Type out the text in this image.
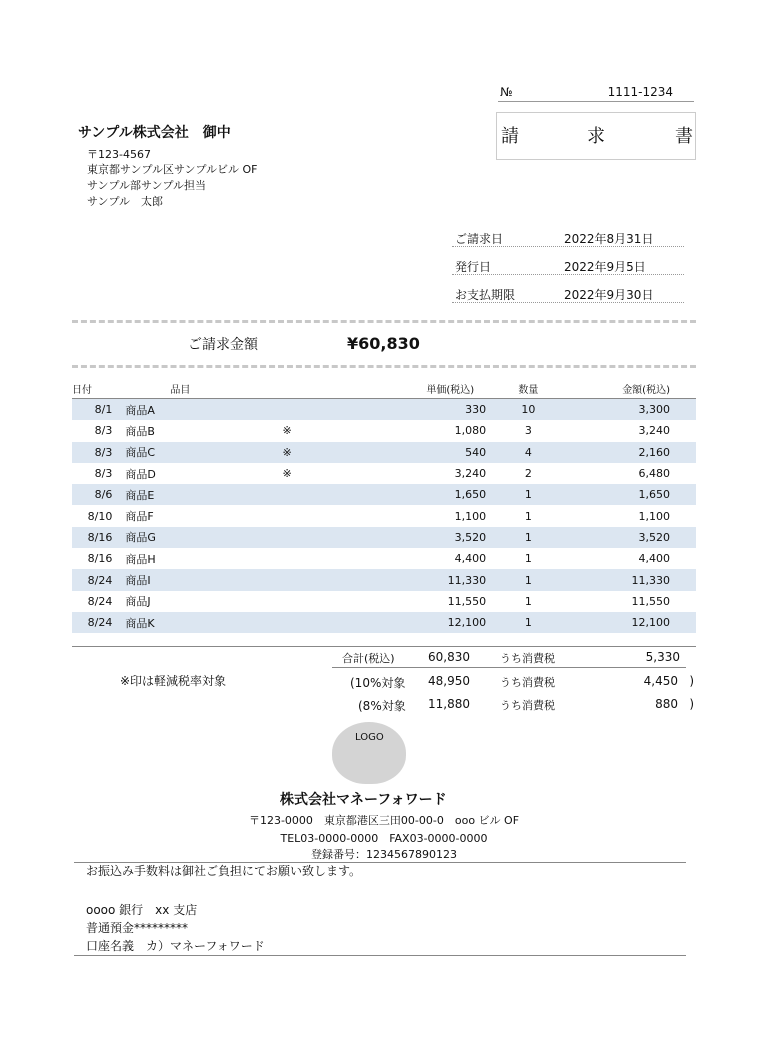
№	1111-1234
請	求	書
サンプル株式会社　御中
〒123-4567
東京都サンプル区サンプルビル OF
サンプル部サンプル担当
サンプル　太郎
ご請求日	2022年8月31日
発行日	2022年9月5日
お支払期限	2022年9月30日
ご請求金額	¥60,830
日付	品目		単価(税込)	数量	金額(税込)
8/1	商品A		330	10	3,300
8/3	商品B	※	1,080	3	3,240
8/3	商品C	※	540	4	2,160
8/3	商品D	※	3,240	2	6,480
8/6	商品E		1,650	1	1,650
8/10	商品F		1,100	1	1,100
8/16	商品G		3,520	1	3,520
8/16	商品H		4,400	1	4,400
8/24	商品I		11,330	1	11,330
8/24	商品J		11,550	1	11,550
8/24	商品K		12,100	1	12,100
※印は軽減税率対象
合計(税込)	60,830	うち消費税	5,330
(10%対象 48,950	うち消費税	4,450 )
(8%対象 11,880	うち消費税	880 )
LOGO
株式会社マネーフォワード
〒123-0000　東京都港区三田00-00-0　ooo ビル OF
TEL03-0000-0000　FAX03-0000-0000
登録番号：1234567890123
お振込み手数料は御社ご負担にてお願い致します。
oooo 銀行　xx 支店
普通預金*********
口座名義　カ）マネーフォワード
